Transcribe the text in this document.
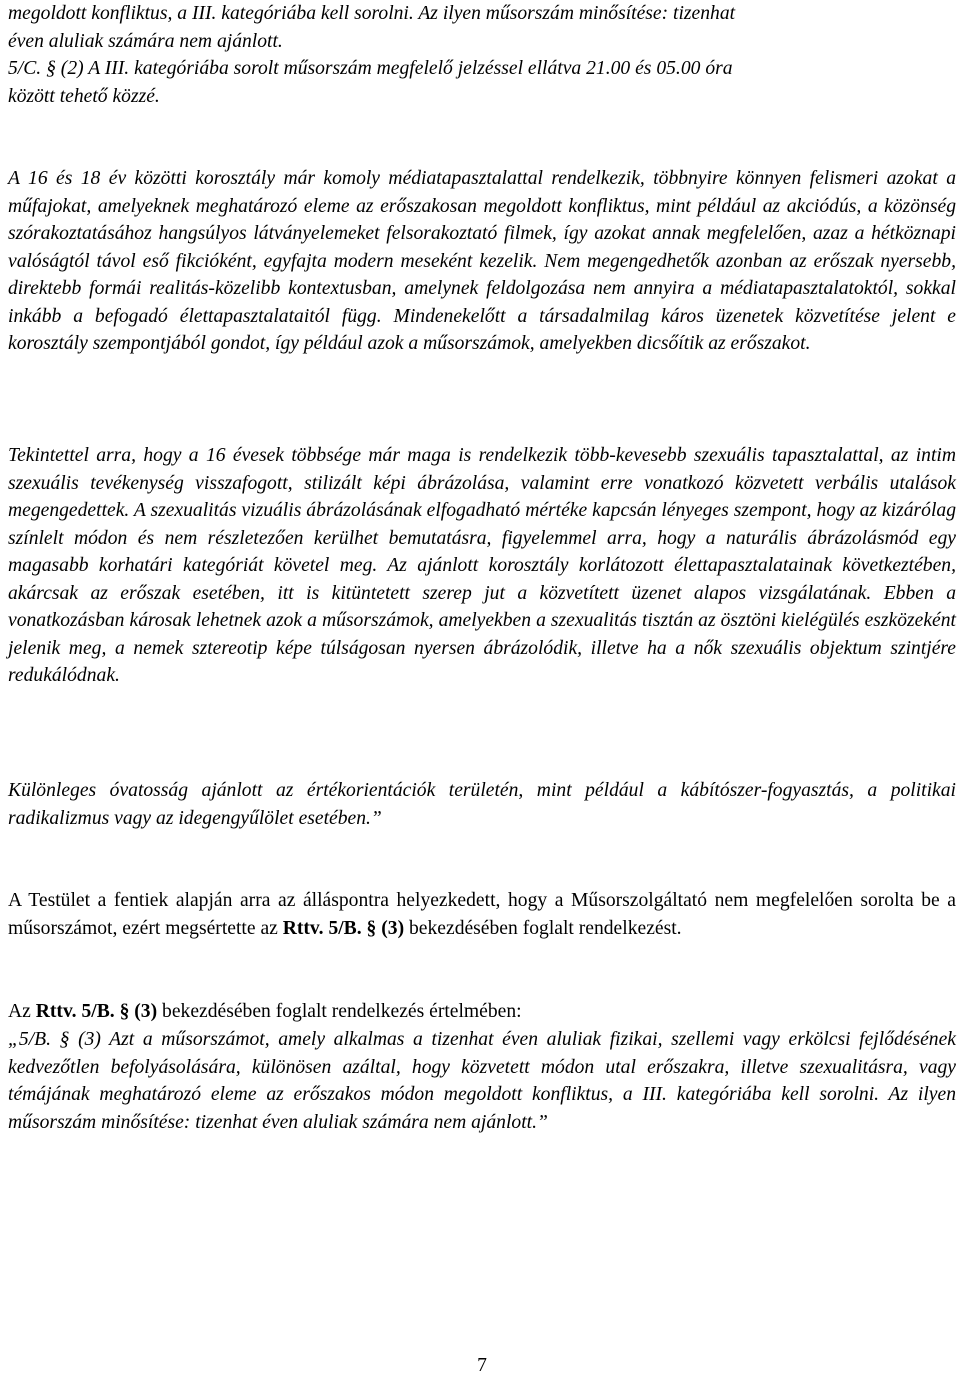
megoldott konfliktus, a III. kategóriába kell sorolni. Az ilyen műsorszám minősítése: tizenhat
éven aluliak számára nem ajánlott.

5/C. § (2) A III. kategóriába sorolt műsorszám megfelelő jelzéssel ellátva 21.00 és 05.00 óra
között tehető közzé.

A 16 és 18 év közötti korosztály már komoly médiatapasztalattal rendelkezik, többnyire könnyen felismeri azokat a műfajokat, amelyeknek meghatározó eleme az erőszakosan megoldott konfliktus, mint például az akciódús, a közönség szórakoztatásához hangsúlyos látványelemeket felsorakoztató filmek, így azokat annak megfelelően, azaz a hétköznapi valóságtól távol eső fikcióként, egyfajta modern meseként kezelik. Nem megengedhetők azonban az erőszak nyersebb, direktebb formái realitás-közelibb kontextusban, amelynek feldolgozása nem annyira a médiatapasztalatoktól, sokkal inkább a befogadó élettapasztalataitól függ. Mindenekelőtt a társadalmilag káros üzenetek közvetítése jelent e korosztály szempontjából gondot, így például azok a műsorszámok, amelyekben dicsőítik az erőszakot.

Tekintettel arra, hogy a 16 évesek többsége már maga is rendelkezik több-kevesebb szexuális tapasztalattal, az intim szexuális tevékenység visszafogott, stilizált képi ábrázolása, valamint erre vonatkozó közvetett verbális utalások megengedettek. A szexualitás vizuális ábrázolásának elfogadható mértéke kapcsán lényeges szempont, hogy az kizárólag színlelt módon és nem részletezően kerülhet bemutatásra, figyelemmel arra, hogy a naturális ábrázolásmód egy magasabb korhatári kategóriát követel meg. Az ajánlott korosztály korlátozott élettapasztalatainak következtében, akárcsak az erőszak esetében, itt is kitüntetett szerep jut a közvetített üzenet alapos vizsgálatának. Ebben a vonatkozásban károsak lehetnek azok a műsorszámok, amelyekben a szexualitás tisztán az ösztöni kielégülés eszközeként jelenik meg, a nemek sztereotip képe túlságosan nyersen ábrázolódik, illetve ha a nők szexuális objektum szintjére redukálódnak.

Különleges óvatosság ajánlott az értékorientációk területén, mint például a kábítószer-fogyasztás, a politikai radikalizmus vagy az idegengyűlölet esetében.”

A Testület a fentiek alapján arra az álláspontra helyezkedett, hogy a Műsorszolgáltató nem megfelelően sorolta be a műsorszámot, ezért megsértette az Rttv. 5/B. § (3) bekezdésében foglalt rendelkezést.

Az Rttv. 5/B. § (3) bekezdésében foglalt rendelkezés értelmében:

„5/B. § (3) Azt a műsorszámot, amely alkalmas a tizenhat éven aluliak fizikai, szellemi vagy erkölcsi fejlődésének kedvezőtlen befolyásolására, különösen azáltal, hogy közvetett módon utal erőszakra, illetve szexualitásra, vagy témájának meghatározó eleme az erőszakos módon megoldott konfliktus, a III. kategóriába kell sorolni. Az ilyen műsorszám minősítése: tizenhat éven aluliak számára nem ajánlott.”

7
